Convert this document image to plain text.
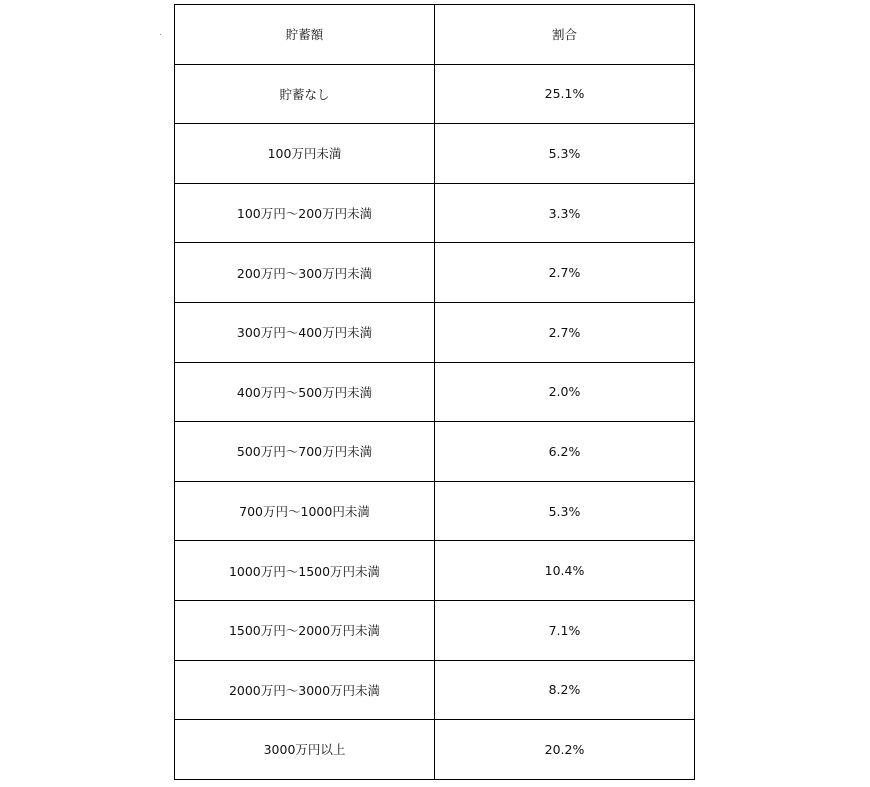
貯蓄額	割合
貯蓄なし	25.1%
100万円未満	5.3%
100万円～200万円未満	3.3%
200万円～300万円未満	2.7%
300万円～400万円未満	2.7%
400万円～500万円未満	2.0%
500万円～700万円未満	6.2%
700万円～1000円未満	5.3%
1000万円～1500万円未満	10.4%
1500万円～2000万円未満	7.1%
2000万円～3000万円未満	8.2%
3000万円以上	20.2%
